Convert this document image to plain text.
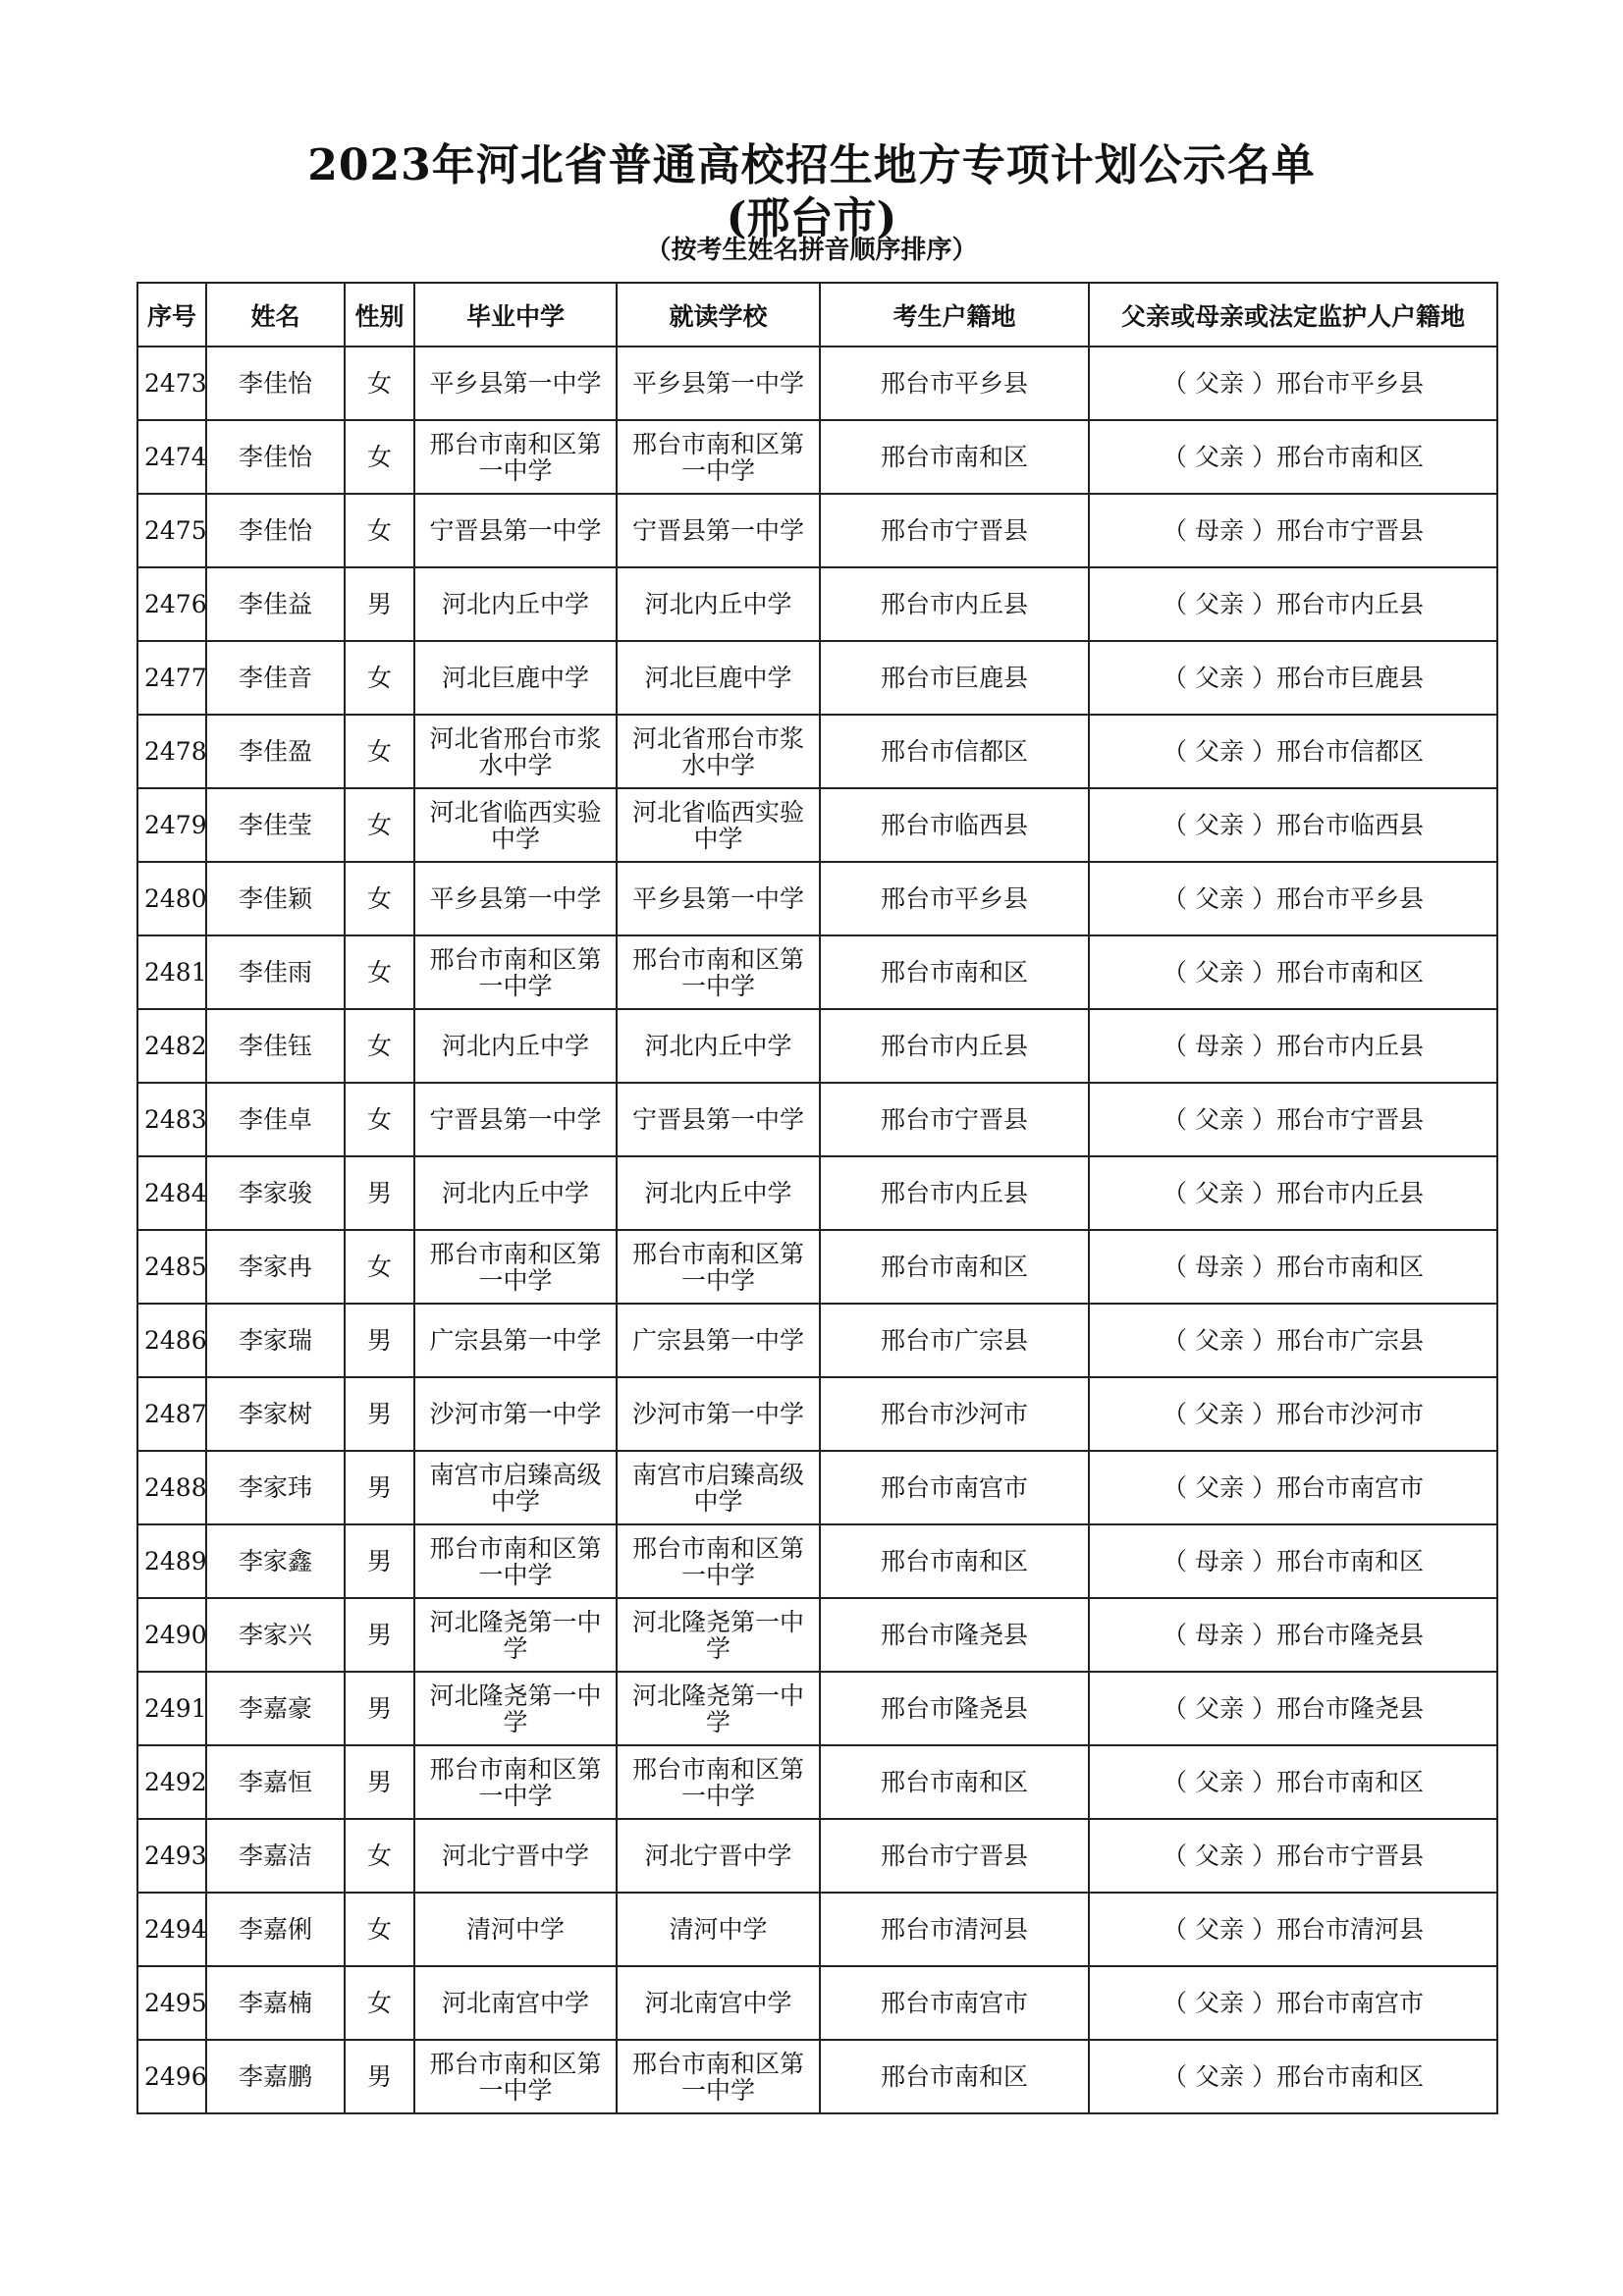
2023年河北省普通高校招生地方专项计划公示名单
(邢台市)
（按考生姓名拼音顺序排序）
序号	姓名	性别	毕业中学	就读学校	考生户籍地	父亲或母亲或法定监护人户籍地
2473	李佳怡	女	平乡县第一中学	平乡县第一中学	邢台市平乡县	（ 父亲 ）邢台市平乡县
2474	李佳怡	女	邢台市南和区第一中学	邢台市南和区第一中学	邢台市南和区	（ 父亲 ）邢台市南和区
2475	李佳怡	女	宁晋县第一中学	宁晋县第一中学	邢台市宁晋县	（ 母亲 ）邢台市宁晋县
2476	李佳益	男	河北内丘中学	河北内丘中学	邢台市内丘县	（ 父亲 ）邢台市内丘县
2477	李佳音	女	河北巨鹿中学	河北巨鹿中学	邢台市巨鹿县	（ 父亲 ）邢台市巨鹿县
2478	李佳盈	女	河北省邢台市浆水中学	河北省邢台市浆水中学	邢台市信都区	（ 父亲 ）邢台市信都区
2479	李佳莹	女	河北省临西实验中学	河北省临西实验中学	邢台市临西县	（ 父亲 ）邢台市临西县
2480	李佳颖	女	平乡县第一中学	平乡县第一中学	邢台市平乡县	（ 父亲 ）邢台市平乡县
2481	李佳雨	女	邢台市南和区第一中学	邢台市南和区第一中学	邢台市南和区	（ 父亲 ）邢台市南和区
2482	李佳钰	女	河北内丘中学	河北内丘中学	邢台市内丘县	（ 母亲 ）邢台市内丘县
2483	李佳卓	女	宁晋县第一中学	宁晋县第一中学	邢台市宁晋县	（ 父亲 ）邢台市宁晋县
2484	李家骏	男	河北内丘中学	河北内丘中学	邢台市内丘县	（ 父亲 ）邢台市内丘县
2485	李家冉	女	邢台市南和区第一中学	邢台市南和区第一中学	邢台市南和区	（ 母亲 ）邢台市南和区
2486	李家瑞	男	广宗县第一中学	广宗县第一中学	邢台市广宗县	（ 父亲 ）邢台市广宗县
2487	李家树	男	沙河市第一中学	沙河市第一中学	邢台市沙河市	（ 父亲 ）邢台市沙河市
2488	李家玮	男	南宫市启臻高级中学	南宫市启臻高级中学	邢台市南宫市	（ 父亲 ）邢台市南宫市
2489	李家鑫	男	邢台市南和区第一中学	邢台市南和区第一中学	邢台市南和区	（ 母亲 ）邢台市南和区
2490	李家兴	男	河北隆尧第一中学	河北隆尧第一中学	邢台市隆尧县	（ 母亲 ）邢台市隆尧县
2491	李嘉豪	男	河北隆尧第一中学	河北隆尧第一中学	邢台市隆尧县	（ 父亲 ）邢台市隆尧县
2492	李嘉恒	男	邢台市南和区第一中学	邢台市南和区第一中学	邢台市南和区	（ 父亲 ）邢台市南和区
2493	李嘉洁	女	河北宁晋中学	河北宁晋中学	邢台市宁晋县	（ 父亲 ）邢台市宁晋县
2494	李嘉俐	女	清河中学	清河中学	邢台市清河县	（ 父亲 ）邢台市清河县
2495	李嘉楠	女	河北南宫中学	河北南宫中学	邢台市南宫市	（ 父亲 ）邢台市南宫市
2496	李嘉鹏	男	邢台市南和区第一中学	邢台市南和区第一中学	邢台市南和区	（ 父亲 ）邢台市南和区
